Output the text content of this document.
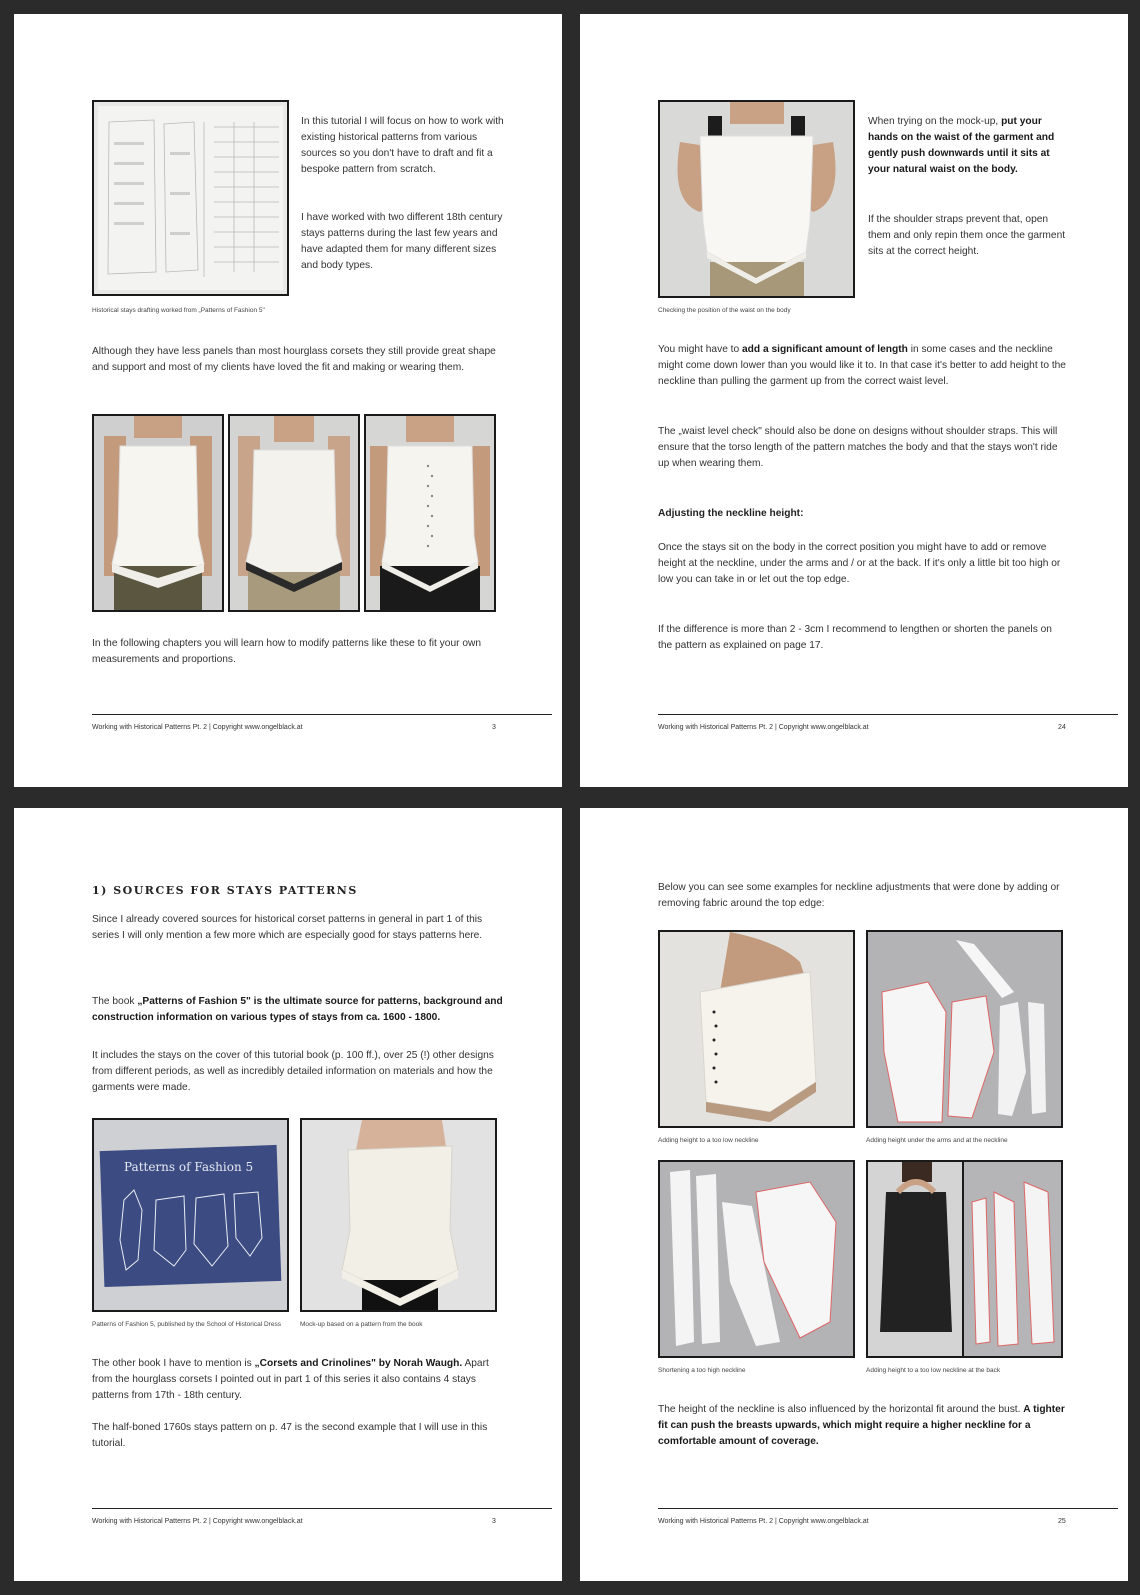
In this tutorial I will focus on how to work with existing historical patterns from various sources so you don't have to draft and fit a bespoke pattern from scratch.
I have worked with two different 18th century stays patterns during the last few years and have adapted them for many different sizes and body types.
Historical stays drafting worked from „Patterns of Fashion 5"
Although they have less panels than most hourglass corsets they still provide great shape and support and most of my clients have loved the fit and making or wearing them.
In the following chapters you will learn how to modify patterns like these to fit your own measurements and proportions.
Working with Historical Patterns Pt. 2 | Copyright www.ongelblack.at	3
When trying on the mock-up, put your hands on the waist of the garment and gently push downwards until it sits at your natural waist on the body.
If the shoulder straps prevent that, open them and only repin them once the garment sits at the correct height.
Checking the position of the waist on the body
You might have to add a significant amount of length in some cases and the neckline might come down lower than you would like it to. In that case it's better to add height to the neckline than pulling the garment up from the correct waist level.
The „waist level check" should also be done on designs without shoulder straps. This will ensure that the torso length of the pattern matches the body and that the stays won't ride up when wearing them.
Adjusting the neckline height:
Once the stays sit on the body in the correct position you might have to add or remove height at the neckline, under the arms and / or at the back. If it's only a little bit too high or low you can take in or let out the top edge.
If the difference is more than 2 - 3cm I recommend to lengthen or shorten the panels on the pattern as explained on page 17.
Working with Historical Patterns Pt. 2 | Copyright www.ongelblack.at	24
1) SOURCES FOR STAYS PATTERNS
Since I already covered sources for historical corset patterns in general in part 1 of this series I will only mention a few more which are especially good for stays patterns here.
The book „Patterns of Fashion 5" is the ultimate source for patterns, background and construction information on various types of stays from ca. 1600 - 1800.
It includes the stays on the cover of this tutorial book (p. 100 ff.), over 25 (!) other designs from different periods, as well as incredibly detailed information on materials and how the garments were made.
Patterns of Fashion 5
Patterns of Fashion 5, published by the School of Historical Dress	Mock-up based on a pattern from the book
The other book I have to mention is „Corsets and Crinolines" by Norah Waugh. Apart from the hourglass corsets I pointed out in part 1 of this series it also contains 4 stays patterns from 17th - 18th century.
The half-boned 1760s stays pattern on p. 47 is the second example that I will use in this tutorial.
Working with Historical Patterns Pt. 2 | Copyright www.ongelblack.at	3
Below you can see some examples for neckline adjustments that were done by adding or removing fabric around the top edge:
Adding height to a too low neckline	Adding height under the arms and at the neckline
Shortening a too high neckline	Adding height to a too low neckline at the back
The height of the neckline is also influenced by the horizontal fit around the bust. A tighter fit can push the breasts upwards, which might require a higher neckline for a comfortable amount of coverage.
Working with Historical Patterns Pt. 2 | Copyright www.ongelblack.at	25
